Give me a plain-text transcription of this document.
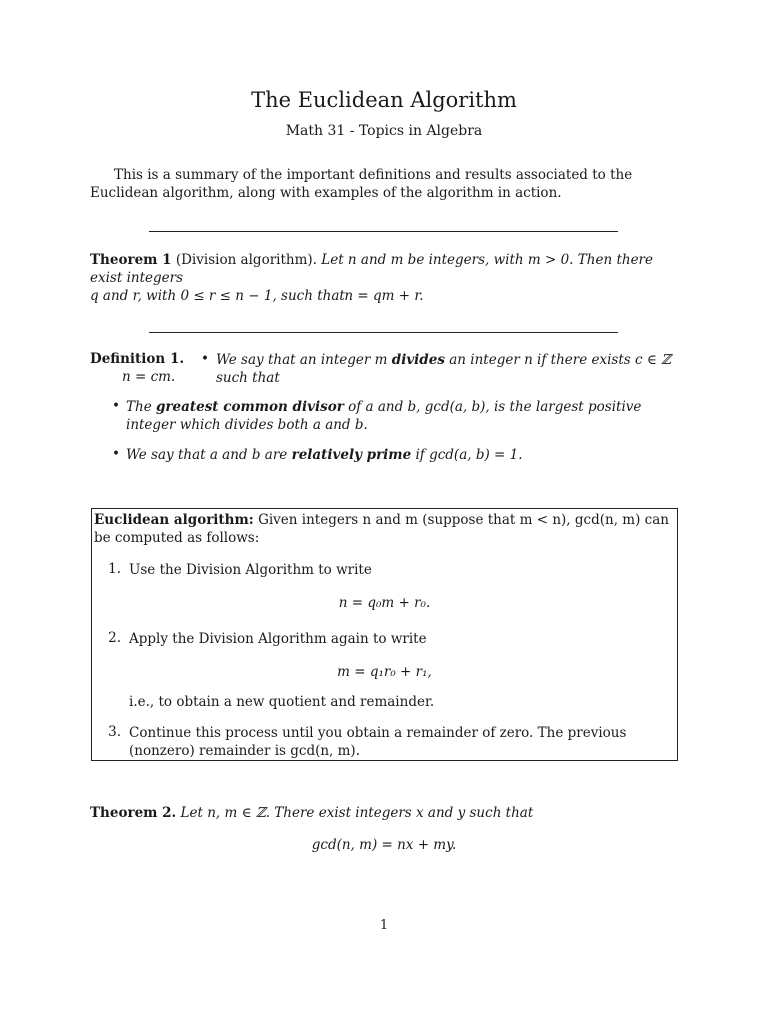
The Euclidean Algorithm
Math 31 - Topics in Algebra
This is a summary of the important definitions and results associated to the Euclidean algorithm, along with examples of the algorithm in action.
Theorem 1 (Division algorithm). Let n and m be integers, with m > 0. Then there exist integers
q and r, with 0 ≤ r ≤ n − 1, such that n = qm + r.
Definition 1. • We say that an integer m divides an integer n if there exists c ∈ ℤ such that
n = cm.
• The greatest common divisor of a and b, gcd(a, b), is the largest positive integer which divides both a and b.
• We say that a and b are relatively prime if gcd(a, b) = 1.
Euclidean algorithm: Given integers n and m (suppose that m < n), gcd(n, m) can be computed as follows:
1. Use the Division Algorithm to write
n = q₀m + r₀.
2. Apply the Division Algorithm again to write
m = q₁r₀ + r₁,
i.e., to obtain a new quotient and remainder.
3. Continue this process until you obtain a remainder of zero. The previous (nonzero) remainder is gcd(n, m).
Theorem 2. Let n, m ∈ ℤ. There exist integers x and y such that
gcd(n, m) = nx + my.
1
